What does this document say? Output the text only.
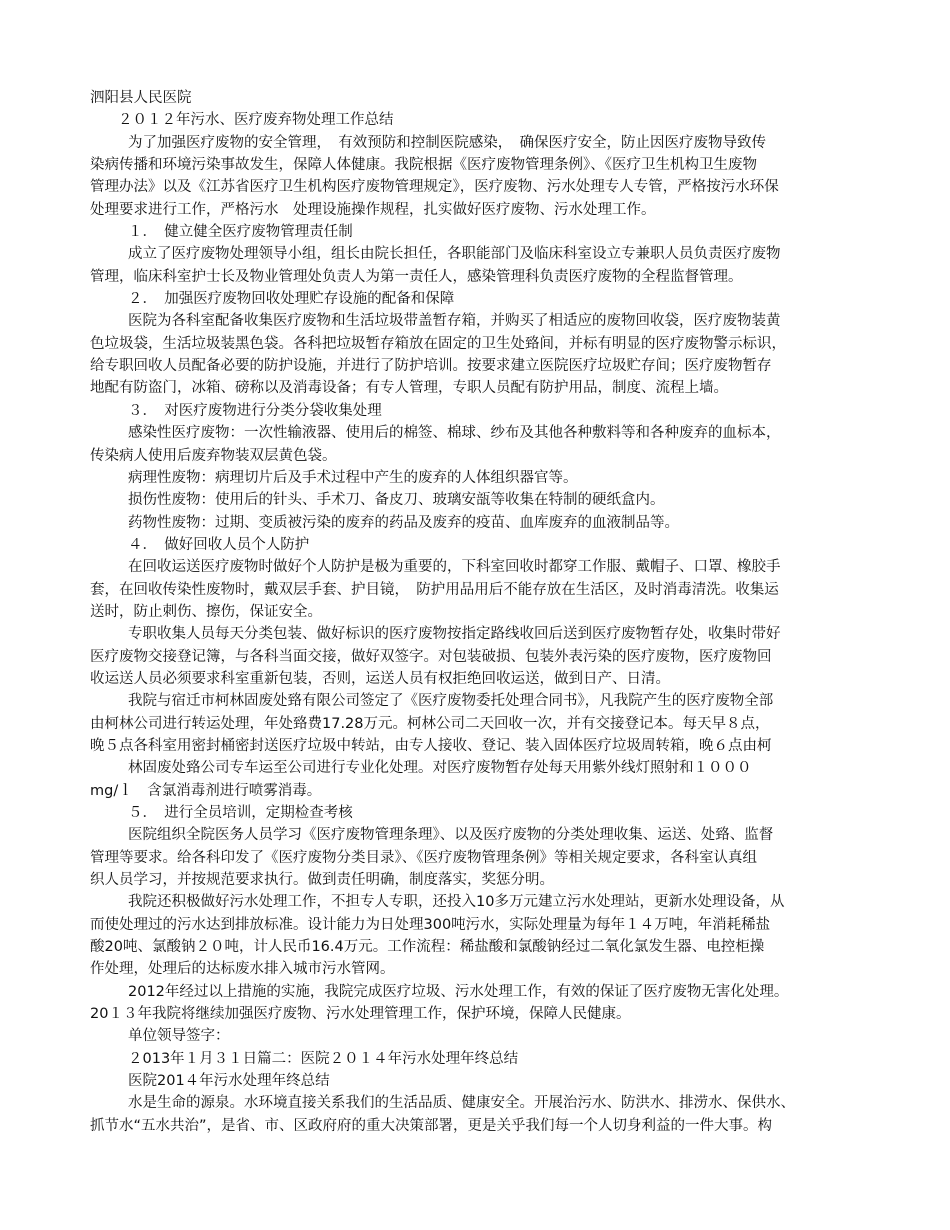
泗阳县人民医院
２０１２年污水、医疗废弃物处理工作总结
为了加强医疗废物的安全管理，　有效预防和控制医院感染，　确保医疗安全，防止因医疗废物导致传
染病传播和环境污染事故发生，保障人体健康。我院根据《医疗废物管理条例》、《医疗卫生机构卫生废物
管理办法》以及《江苏省医疗卫生机构医疗废物管理规定》，医疗废物、污水处理专人专管，严格按污水环保
处理要求进行工作，严格污水　处理设施操作规程，扎实做好医疗废物、污水处理工作。
１．　健立健全医疗废物管理责任制
成立了医疗废物处理领导小组，组长由院长担任，各职能部门及临床科室设立专兼职人员负责医疗废物
管理，临床科室护士长及物业管理处负责人为第一责任人，感染管理科负责医疗废物的全程监督管理。
２．　加强医疗废物回收处理贮存设施的配备和保障
医院为各科室配备收集医疗废物和生活垃圾带盖暂存箱，并购买了相适应的废物回收袋，医疗废物装黄
色垃圾袋，生活垃圾装黑色袋。各科把垃圾暂存箱放在固定的卫生处臵间，并标有明显的医疗废物警示标识，
给专职回收人员配备必要的防护设施，并进行了防护培训。按要求建立医院医疗垃圾贮存间；医疗废物暂存
地配有防盗门，冰箱、磅称以及消毒设备；有专人管理，专职人员配有防护用品，制度、流程上墙。
３．　对医疗废物进行分类分袋收集处理
感染性医疗废物：一次性输液器、使用后的棉签、棉球、纱布及其他各种敷料等和各种废弃的血标本，
传染病人使用后废弃物装双层黄色袋。
病理性废物：病理切片后及手术过程中产生的废弃的人体组织器官等。
损伤性废物：使用后的针头、手术刀、备皮刀、玻璃安瓿等收集在特制的硬纸盒内。
药物性废物：过期、变质被污染的废弃的药品及废弃的疫苗、血库废弃的血液制品等。
４．　做好回收人员个人防护
在回收运送医疗废物时做好个人防护是极为重要的，下科室回收时都穿工作服、戴帽子、口罩、橡胶手
套，在回收传染性废物时，戴双层手套、护目镜，　防护用品用后不能存放在生活区，及时消毒清洗。收集运
送时，防止刺伤、擦伤，保证安全。
专职收集人员每天分类包装、做好标识的医疗废物按指定路线收回后送到医疗废物暂存处，收集时带好
医疗废物交接登记簿，与各科当面交接，做好双签字。对包装破损、包装外表污染的医疗废物，医疗废物回
收运送人员必须要求科室重新包装，否则，运送人员有权拒绝回收运送，做到日产、日清。
我院与宿迁市柯林固废处臵有限公司签定了《医疗废物委托处理合同书》，凡我院产生的医疗废物全部
由柯林公司进行转运处理，年处臵费17.28万元。柯林公司二天回收一次，并有交接登记本。每天早８点，
晚５点各科室用密封桶密封送医疗垃圾中转站，由专人接收、登记、装入固体医疗垃圾周转箱，晚６点由柯
林固废处臵公司专车运至公司进行专业化处理。对医疗废物暂存处每天用紫外线灯照射和１０００
mg/ｌ　含氯消毒剂进行喷雾消毒。
５．　进行全员培训，定期检查考核
医院组织全院医务人员学习《医疗废物管理条理》、以及医疗废物的分类处理收集、运送、处臵、监督
管理等要求。给各科印发了《医疗废物分类目录》、《医疗废物管理条例》等相关规定要求，各科室认真组
织人员学习，并按规范要求执行。做到责任明确，制度落实，奖惩分明。
我院还积极做好污水处理工作，不担专人专职，还投入10多万元建立污水处理站，更新水处理设备，从
而使处理过的污水达到排放标准。设计能力为日处理300吨污水，实际处理量为每年１４万吨，年消耗稀盐
酸20吨、氯酸钠２０吨，计人民币16.4万元。工作流程：稀盐酸和氯酸钠经过二氧化氯发生器、电控柜操
作处理，处理后的达标废水排入城市污水管网。
2012年经过以上措施的实施，我院完成医疗垃圾、污水处理工作，有效的保证了医疗废物无害化处理。
20１３年我院将继续加强医疗废物、污水处理管理工作，保护环境，保障人民健康。
单位领导签字：
２013年１月３１日篇二：医院２０１４年污水处理年终总结
医院201４年污水处理年终总结
水是生命的源泉。水环境直接关系我们的生活品质、健康安全。开展治污水、防洪水、排涝水、保供水、
抓节水“五水共治”，是省、市、区政府府的重大决策部署，更是关乎我们每一个人切身利益的一件大事。构
